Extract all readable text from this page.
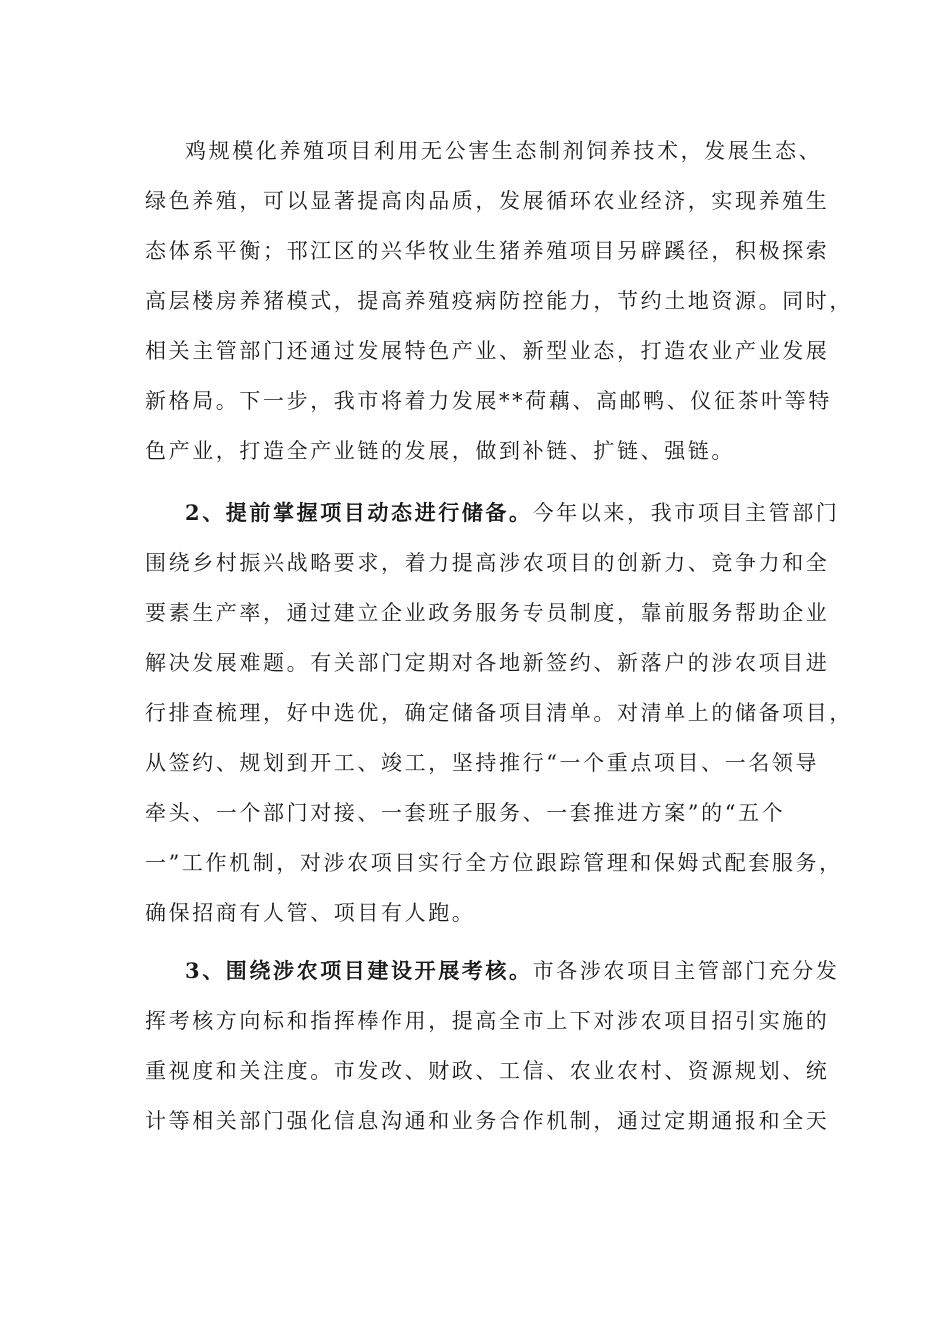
鸡规模化养殖项目利用无公害生态制剂饲养技术，发展生态、
绿色养殖，可以显著提高肉品质，发展循环农业经济，实现养殖生
态体系平衡；邗江区的兴华牧业生猪养殖项目另辟蹊径，积极探索
高层楼房养猪模式，提高养殖疫病防控能力，节约土地资源。同时，
相关主管部门还通过发展特色产业、新型业态，打造农业产业发展
新格局。下一步，我市将着力发展**荷藕、高邮鸭、仪征茶叶等特
色产业，打造全产业链的发展，做到补链、扩链、强链。
2、提前掌握项目动态进行储备。今年以来，我市项目主管部门
围绕乡村振兴战略要求，着力提高涉农项目的创新力、竞争力和全
要素生产率，通过建立企业政务服务专员制度，靠前服务帮助企业
解决发展难题。有关部门定期对各地新签约、新落户的涉农项目进
行排查梳理，好中选优，确定储备项目清单。对清单上的储备项目，
从签约、规划到开工、竣工，坚持推行“一个重点项目、一名领导
牵头、一个部门对接、一套班子服务、一套推进方案”的“五个
一”工作机制，对涉农项目实行全方位跟踪管理和保姆式配套服务，
确保招商有人管、项目有人跑。
3、围绕涉农项目建设开展考核。市各涉农项目主管部门充分发
挥考核方向标和指挥棒作用，提高全市上下对涉农项目招引实施的
重视度和关注度。市发改、财政、工信、农业农村、资源规划、统
计等相关部门强化信息沟通和业务合作机制，通过定期通报和全天
